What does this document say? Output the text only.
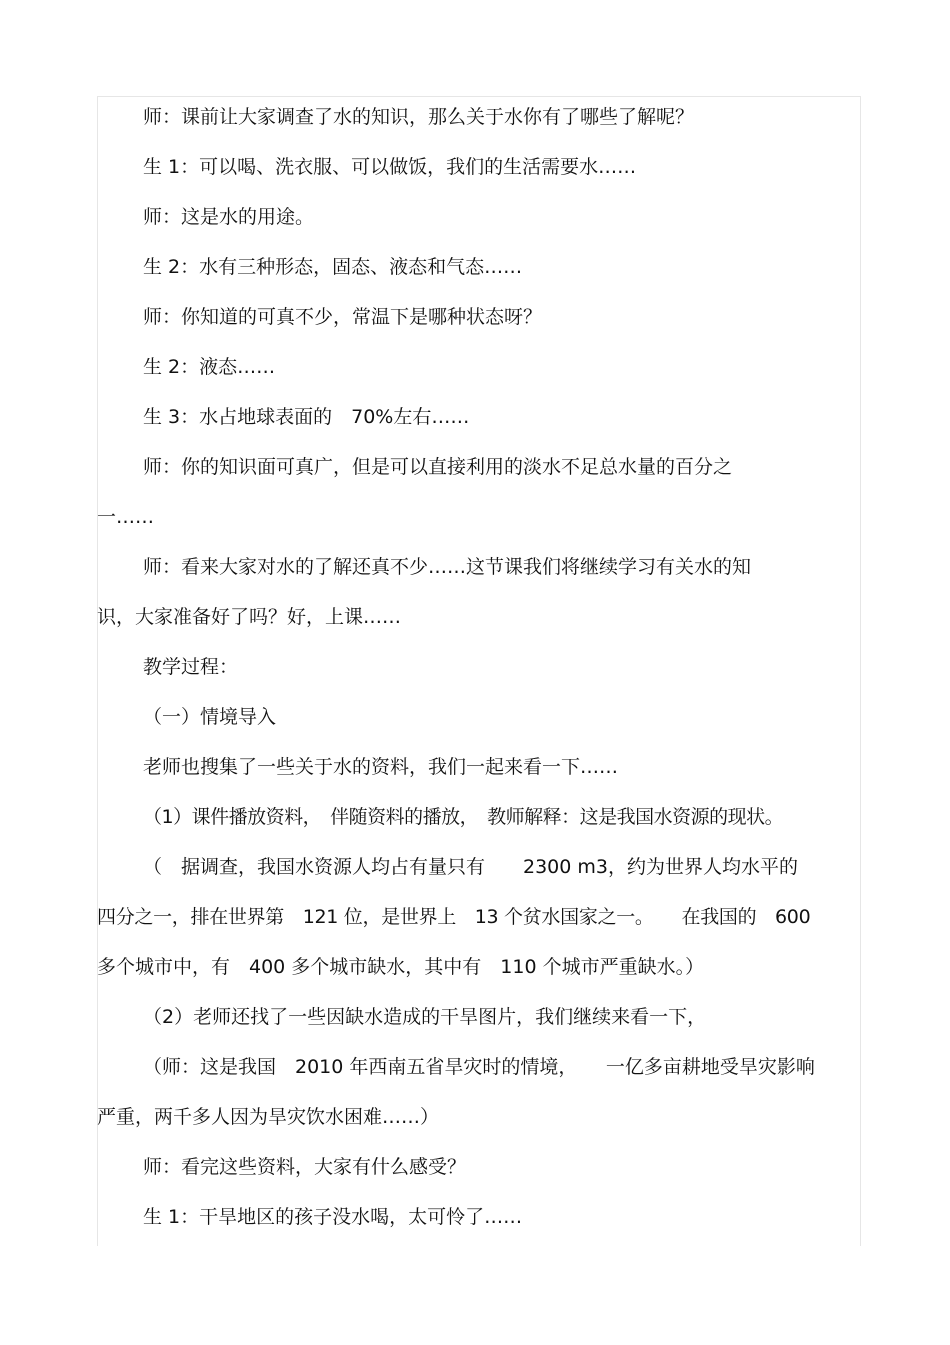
师：课前让大家调查了水的知识，那么关于水你有了哪些了解呢？
生 1：可以喝、洗衣服、可以做饭，我们的生活需要水……
师：这是水的用途。
生 2：水有三种形态，固态、液态和气态……
师：你知道的可真不少，常温下是哪种状态呀？
生 2：液态……
生 3：水占地球表面的　70%左右……
师：你的知识面可真广，但是可以直接利用的淡水不足总水量的百分之
一……
师：看来大家对水的了解还真不少……这节课我们将继续学习有关水的知
识，大家准备好了吗？好，上课……
教学过程：
（一）情境导入
老师也搜集了一些关于水的资料，我们一起来看一下……
（1）课件播放资料，　伴随资料的播放，　教师解释：这是我国水资源的现状。
（　据调查，我国水资源人均占有量只有　　2300 m3，约为世界人均水平的
四分之一，排在世界第　121 位，是世界上　13 个贫水国家之一。　　在我国的　600
多个城市中，有　400 多个城市缺水，其中有　110 个城市严重缺水。）
（2）老师还找了一些因缺水造成的干旱图片，我们继续来看一下，
（师：这是我国　2010 年西南五省旱灾时的情境，　　一亿多亩耕地受旱灾影响
严重，两千多人因为旱灾饮水困难……）
师：看完这些资料，大家有什么感受？
生 1：干旱地区的孩子没水喝，太可怜了……
